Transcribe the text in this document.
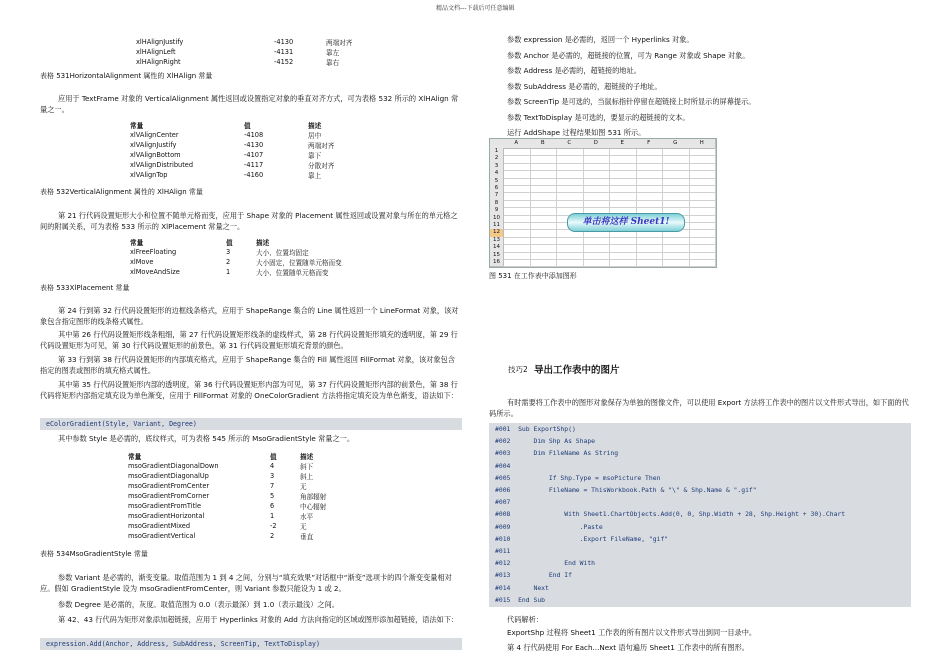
精品文档---下载后可任意编辑
xlHAlignJustify	-4130	两端对齐
xlHAlignLeft	-4131	靠左
xlHAlignRight	-4152	靠右
表格 531HorizontalAlignment 属性的 XlHAlign 常量
应用于 TextFrame 对象的 VerticalAlignment 属性返回或设置指定对象的垂直对齐方式，可为表格 532 所示的 XlHAlign 常量之一。
常量	值	描述
xlVAlignCenter	-4108	居中
xlVAlignJustify	-4130	两端对齐
xlVAlignBottom	-4107	靠下
xlVAlignDistributed	-4117	分散对齐
xlVAlignTop	-4160	靠上
表格 532VerticalAlignment 属性的 XlHAlign 常量
第 21 行代码设置矩形大小和位置不随单元格而变，应用于 Shape 对象的 Placement 属性返回或设置对象与所在的单元格之间的附属关系，可为表格 533 所示的 XlPlacement 常量之一。
常量	值	描述
xlFreeFloating	3	大小、位置均固定
xlMove	2	大小固定，位置随单元格而变
xlMoveAndSize	1	大小、位置随单元格而变
表格 533XlPlacement 常量
第 24 行到第 32 行代码设置矩形的边框线条格式，应用于 ShapeRange 集合的 Line 属性返回一个 LineFormat 对象，该对象包含指定图形的线条格式属性。
其中第 26 行代码设置矩形线条粗细，第 27 行代码设置矩形线条的虚线样式，第 28 行代码设置矩形填充的透明度，第 29 行代码设置矩形为可见，第 30 行代码设置矩形的前景色，第 31 行代码设置矩形填充背景的颜色。
第 33 行到第 38 行代码设置矩形的内部填充格式，应用于 ShapeRange 集合的 Fill 属性返回 FillFormat 对象，该对象包含指定的图表或图形的填充格式属性。
其中第 35 行代码设置矩形内部的透明度，第 36 行代码设置矩形内部为可见，第 37 行代码设置矩形内部的前景色，第 38 行代码将矩形内部指定填充设为单色渐变，应用于 FillFormat 对象的 OneColorGradient 方法将指定填充设为单色渐变，语法如下：
eColorGradient(Style, Variant, Degree)
其中参数 Style 是必需的，底纹样式，可为表格 545 所示的 MsoGradientStyle 常量之一。
常量	值	描述
msoGradientDiagonalDown	4	斜下
msoGradientDiagonalUp	3	斜上
msoGradientFromCenter	7	无
msoGradientFromCorner	5	角部辐射
msoGradientFromTitle	6	中心辐射
msoGradientHorizontal	1	水平
msoGradientMixed	-2	无
msoGradientVertical	2	垂直
表格 534MsoGradientStyle 常量
参数 Variant 是必需的，渐变变量。取值范围为 1 到 4 之间，分别与“填充效果”对话框中“渐变”选项卡的四个渐变变量相对应。假如 GradientStyle 设为 msoGradientFromCenter，则 Variant 参数只能设为 1 或 2。
参数 Degree 是必需的，灰度。取值范围为 0.0（表示最深）到 1.0（表示最浅）之间。
第 42、43 行代码为矩形对象添加超链接，应用于 Hyperlinks 对象的 Add 方法向指定的区域或图形添加超链接，语法如下：
expression.Add(Anchor, Address, SubAddress, ScreenTip, TextToDisplay)
参数 expression 是必需的，返回一个 Hyperlinks 对象。
参数 Anchor 是必需的，超链接的位置，可为 Range 对象或 Shape 对象。
参数 Address 是必需的，超链接的地址。
参数 SubAddress 是必需的，超链接的子地址。
参数 ScreenTip 是可选的，当鼠标指针停留在超链接上时所显示的屏幕提示。
参数 TextToDisplay 是可选的，要显示的超链接的文本。
运行 AddShape 过程结果如图 531 所示。
A	B	C	D	E	F	G	H
1
2
3
4
5
6
7
8
9
10
11
12
13
14
15
16
单击将这样 Sheet1!
图 531 在工作表中添加图形
技巧2 导出工作表中的图片
有时需要将工作表中的图形对象保存为单独的图像文件，可以使用 Export 方法将工作表中的图片以文件形式导出，如下面的代码所示。
#001  Sub ExportShp()
#002      Dim Shp As Shape
#003      Dim FileName As String
#004
#005          If Shp.Type = msoPicture Then
#006          FileName = ThisWorkbook.Path & "\" & Shp.Name & ".gif"
#007
#008              With Sheet1.ChartObjects.Add(0, 0, Shp.Width + 28, Shp.Height + 30).Chart
#009                  .Paste
#010                  .Export FileName, "gif"
#011
#012              End With
#013          End If
#014      Next
#015  End Sub
代码解析：
ExportShp 过程将 Sheet1 工作表的所有图片以文件形式导出到同一目录中。
第 4 行代码使用 For Each...Next 语句遍历 Sheet1 工作表中的所有图形。
